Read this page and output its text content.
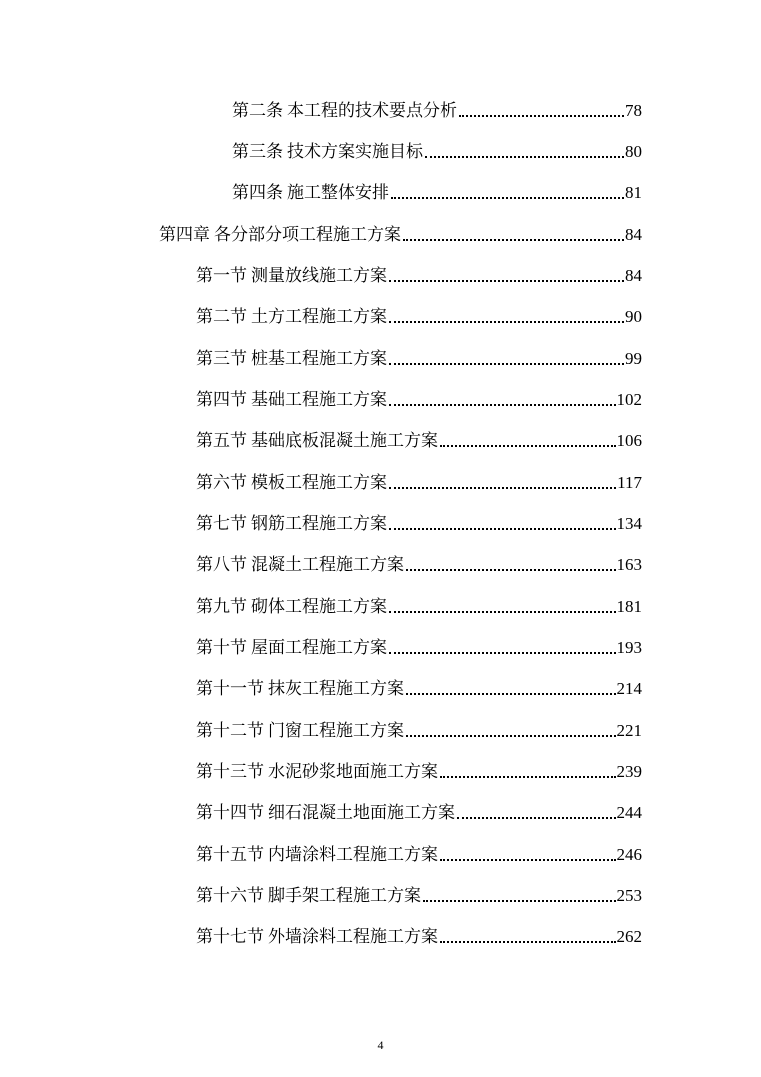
第二条 本工程的技术要点分析	78
第三条 技术方案实施目标	80
第四条 施工整体安排	81
第四章 各分部分项工程施工方案	84
第一节 测量放线施工方案	84
第二节 土方工程施工方案	90
第三节 桩基工程施工方案	99
第四节 基础工程施工方案	102
第五节 基础底板混凝土施工方案	106
第六节 模板工程施工方案	117
第七节 钢筋工程施工方案	134
第八节 混凝土工程施工方案	163
第九节 砌体工程施工方案	181
第十节 屋面工程施工方案	193
第十一节 抹灰工程施工方案	214
第十二节 门窗工程施工方案	221
第十三节 水泥砂浆地面施工方案	239
第十四节 细石混凝土地面施工方案	244
第十五节 内墙涂料工程施工方案	246
第十六节 脚手架工程施工方案	253
第十七节 外墙涂料工程施工方案	262
4
